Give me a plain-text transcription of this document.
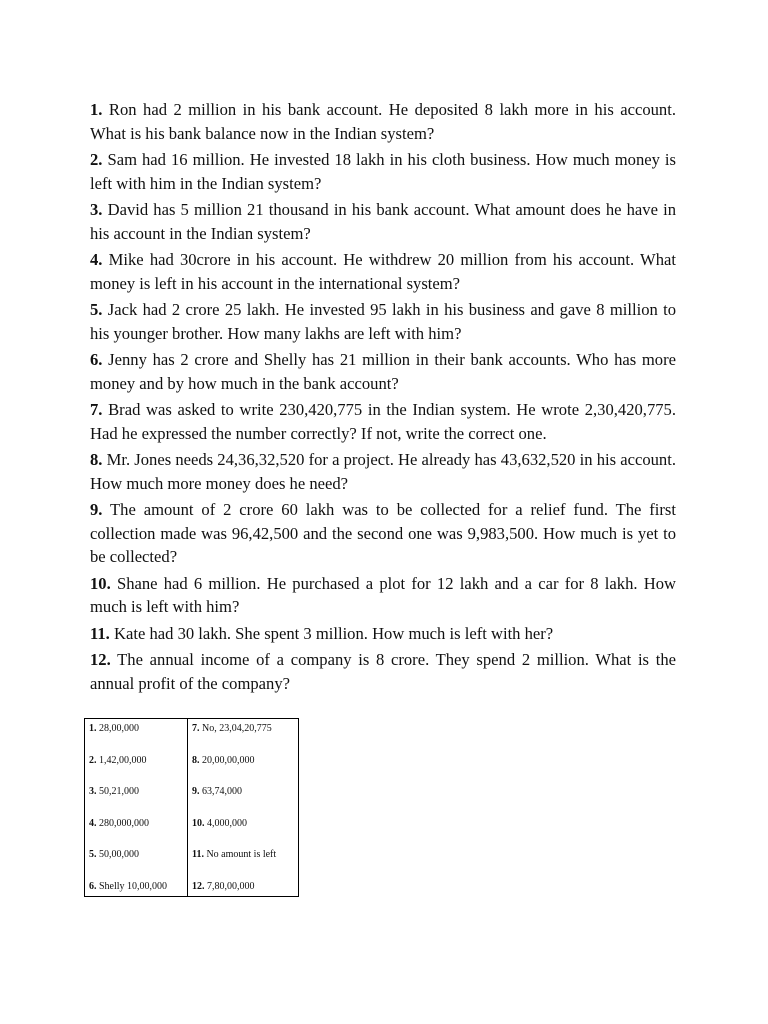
1. Ron had 2 million in his bank account. He deposited 8 lakh more in his account. What is his bank balance now in the Indian system?

2. Sam had 16 million. He invested 18 lakh in his cloth business. How much money is left with him in the Indian system?

3. David has 5 million 21 thousand in his bank account. What amount does he have in his account in the Indian system?

4. Mike had 30crore in his account. He withdrew 20 million from his account. What money is left in his account in the international system?

5. Jack had 2 crore 25 lakh. He invested 95 lakh in his business and gave 8 million to his younger brother. How many lakhs are left with him?

6. Jenny has 2 crore and Shelly has 21 million in their bank accounts. Who has more money and by how much in the bank account?

7. Brad was asked to write 230,420,775 in the Indian system. He wrote 2,30,420,775. Had he expressed the number correctly? If not, write the correct one.

8. Mr. Jones needs 24,36,32,520 for a project. He already has 43,632,520 in his account. How much more money does he need?

9. The amount of 2 crore 60 lakh was to be collected for a relief fund. The first collection made was 96,42,500 and the second one was 9,983,500. How much is yet to be collected?

10. Shane had 6 million. He purchased a plot for 12 lakh and a car for 8 lakh. How much is left with him?

11. Kate had 30 lakh. She spent 3 million. How much is left with her?

12. The annual income of a company is 8 crore. They spend 2 million. What is the annual profit of the company?

1. 28,00,000	7. No, 23,04,20,775
2. 1,42,00,000	8. 20,00,00,000
3. 50,21,000	9. 63,74,000
4. 280,000,000	10. 4,000,000
5. 50,00,000	11. No amount is left
6. Shelly 10,00,000	12. 7,80,00,000
